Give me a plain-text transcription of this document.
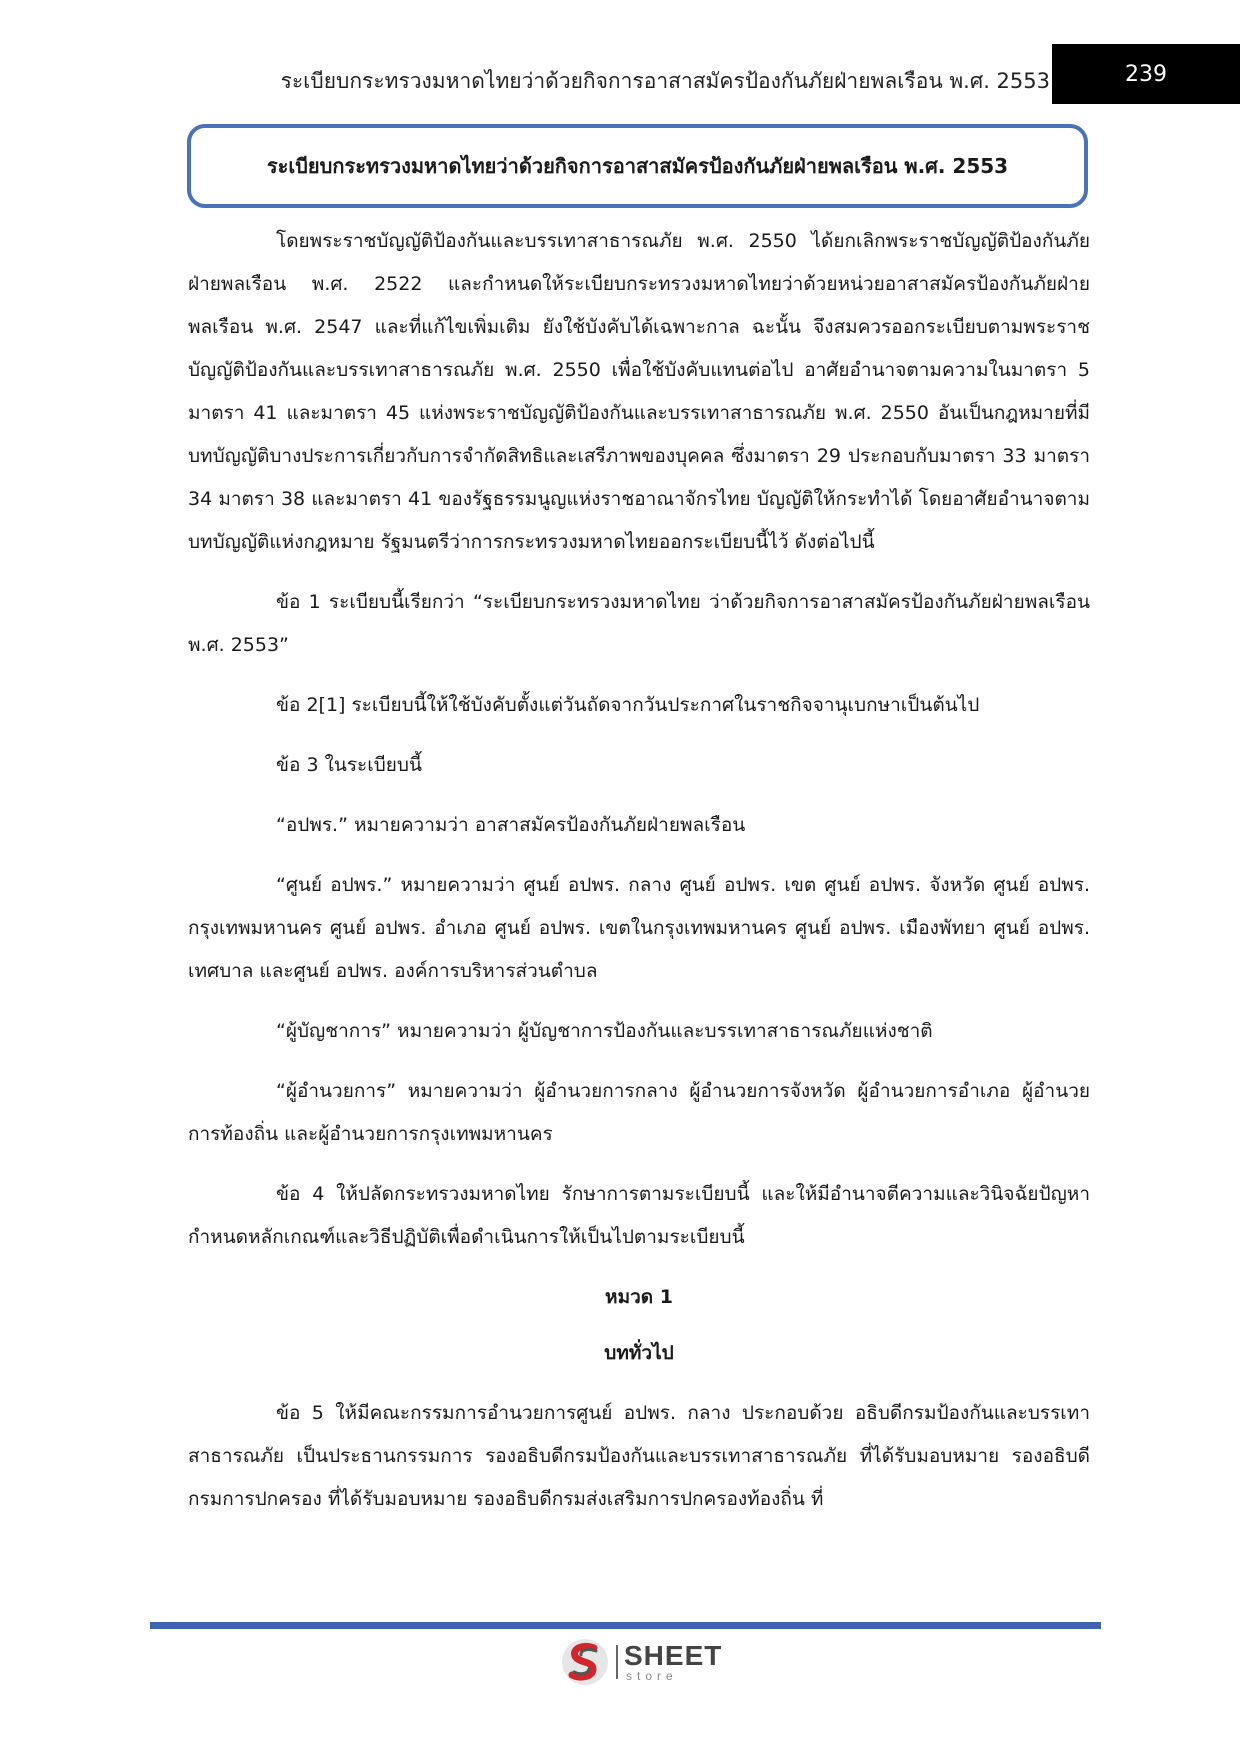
ระเบียบกระทรวงมหาดไทยว่าด้วยกิจการอาสาสมัครป้องกันภัยฝ่ายพลเรือน พ.ศ. 2553	239
ระเบียบกระทรวงมหาดไทยว่าด้วยกิจการอาสาสมัครป้องกันภัยฝ่ายพลเรือน พ.ศ. 2553

โดยพระราชบัญญัติป้องกันและบรรเทาสาธารณภัย พ.ศ. 2550 ได้ยกเลิกพระราชบัญญัติป้องกันภัยฝ่ายพลเรือน พ.ศ. 2522 และกำหนดให้ระเบียบกระทรวงมหาดไทยว่าด้วยหน่วยอาสาสมัครป้องกันภัยฝ่ายพลเรือน พ.ศ. 2547 และที่แก้ไขเพิ่มเติม ยังใช้บังคับได้เฉพาะกาล ฉะนั้น จึงสมควรออกระเบียบตามพระราชบัญญัติป้องกันและบรรเทาสาธารณภัย พ.ศ. 2550 เพื่อใช้บังคับแทนต่อไป อาศัยอำนาจตามความในมาตรา 5 มาตรา 41 และมาตรา 45 แห่งพระราชบัญญัติป้องกันและบรรเทาสาธารณภัย พ.ศ. 2550 อันเป็นกฎหมายที่มีบทบัญญัติบางประการเกี่ยวกับการจำกัดสิทธิและเสรีภาพของบุคคล ซึ่งมาตรา 29 ประกอบกับมาตรา 33 มาตรา 34 มาตรา 38 และมาตรา 41 ของรัฐธรรมนูญแห่งราชอาณาจักรไทย บัญญัติให้กระทำได้ โดยอาศัยอำนาจตามบทบัญญัติแห่งกฎหมาย รัฐมนตรีว่าการกระทรวงมหาดไทยออกระเบียบนี้ไว้ ดังต่อไปนี้

ข้อ 1 ระเบียบนี้เรียกว่า “ระเบียบกระทรวงมหาดไทย ว่าด้วยกิจการอาสาสมัครป้องกันภัยฝ่ายพลเรือน พ.ศ. 2553”

ข้อ 2[1] ระเบียบนี้ให้ใช้บังคับตั้งแต่วันถัดจากวันประกาศในราชกิจจานุเบกษาเป็นต้นไป

ข้อ 3 ในระเบียบนี้

“อปพร.” หมายความว่า อาสาสมัครป้องกันภัยฝ่ายพลเรือน

“ศูนย์ อปพร.” หมายความว่า ศูนย์ อปพร. กลาง ศูนย์ อปพร. เขต ศูนย์ อปพร. จังหวัด ศูนย์ อปพร. กรุงเทพมหานคร ศูนย์ อปพร. อำเภอ ศูนย์ อปพร. เขตในกรุงเทพมหานคร ศูนย์ อปพร. เมืองพัทยา ศูนย์ อปพร. เทศบาล และศูนย์ อปพร. องค์การบริหารส่วนตำบล

“ผู้บัญชาการ” หมายความว่า ผู้บัญชาการป้องกันและบรรเทาสาธารณภัยแห่งชาติ

“ผู้อำนวยการ” หมายความว่า ผู้อำนวยการกลาง ผู้อำนวยการจังหวัด ผู้อำนวยการอำเภอ ผู้อำนวยการท้องถิ่น และผู้อำนวยการกรุงเทพมหานคร

ข้อ 4 ให้ปลัดกระทรวงมหาดไทย รักษาการตามระเบียบนี้ และให้มีอำนาจตีความและวินิจฉัยปัญหา กำหนดหลักเกณฑ์และวิธีปฏิบัติเพื่อดำเนินการให้เป็นไปตามระเบียบนี้

หมวด 1

บททั่วไป

ข้อ 5 ให้มีคณะกรรมการอำนวยการศูนย์ อปพร. กลาง ประกอบด้วย อธิบดีกรมป้องกันและบรรเทาสาธารณภัย เป็นประธานกรรมการ รองอธิบดีกรมป้องกันและบรรเทาสาธารณภัย ที่ได้รับมอบหมาย รองอธิบดีกรมการปกครอง ที่ได้รับมอบหมาย รองอธิบดีกรมส่งเสริมการปกครองท้องถิ่น ที่

SHEET
store
